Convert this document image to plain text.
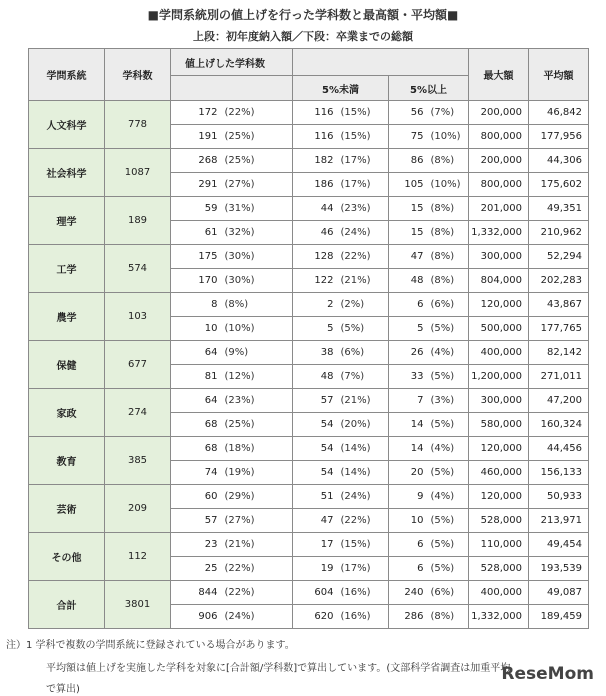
■学問系統別の値上げを行った学科数と最高額・平均額■
上段：初年度納入額／下段：卒業までの総額
学問系統	学科数	値上げした学科数						最大額	平均額
				5%未満		5%以上			
人文科学	778	172	(22%)	116	(15%)	56	(7%)	200,000	46,842
		191	(25%)	116	(15%)	75	(10%)	800,000	177,956
社会科学	1087	268	(25%)	182	(17%)	86	(8%)	200,000	44,306
		291	(27%)	186	(17%)	105	(10%)	800,000	175,602
理学	189	59	(31%)	44	(23%)	15	(8%)	201,000	49,351
		61	(32%)	46	(24%)	15	(8%)	1,332,000	210,962
工学	574	175	(30%)	128	(22%)	47	(8%)	300,000	52,294
		170	(30%)	122	(21%)	48	(8%)	804,000	202,283
農学	103	8	(8%)	2	(2%)	6	(6%)	120,000	43,867
		10	(10%)	5	(5%)	5	(5%)	500,000	177,765
保健	677	64	(9%)	38	(6%)	26	(4%)	400,000	82,142
		81	(12%)	48	(7%)	33	(5%)	1,200,000	271,011
家政	274	64	(23%)	57	(21%)	7	(3%)	300,000	47,200
		68	(25%)	54	(20%)	14	(5%)	580,000	160,324
教育	385	68	(18%)	54	(14%)	14	(4%)	120,000	44,456
		74	(19%)	54	(14%)	20	(5%)	460,000	156,133
芸術	209	60	(29%)	51	(24%)	9	(4%)	120,000	50,933
		57	(27%)	47	(22%)	10	(5%)	528,000	213,971
その他	112	23	(21%)	17	(15%)	6	(5%)	110,000	49,454
		25	(22%)	19	(17%)	6	(5%)	528,000	193,539
合計	3801	844	(22%)	604	(16%)	240	(6%)	400,000	49,087
		906	(24%)	620	(16%)	286	(8%)	1,332,000	189,459
注）1 学科で複数の学問系統に登録されている場合があります。
平均額は値上げを実施した学科を対象に[合計額/学科数]で算出しています。(文部科学省調査は加重平均
で算出)
ReseMom
